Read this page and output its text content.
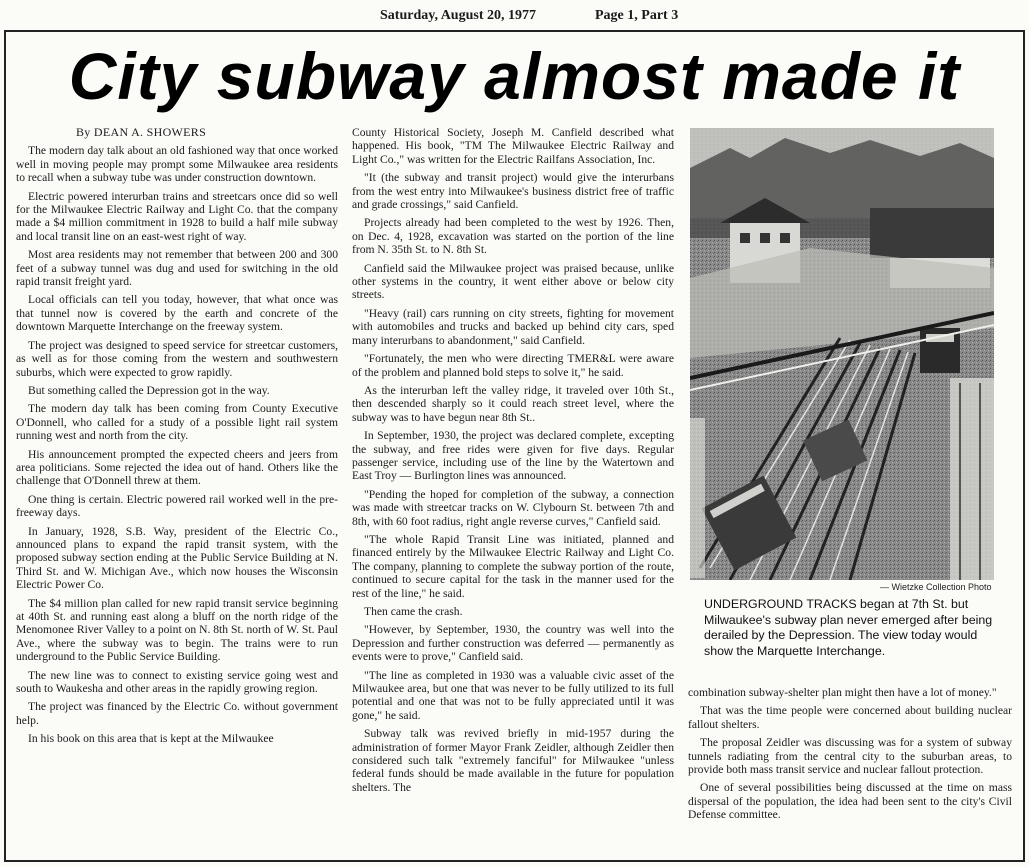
Saturday, August 20, 1977	Page 1, Part 3
City subway almost made it

By DEAN A. SHOWERS

The modern day talk about an old fashioned way that once worked well in moving people may prompt some Milwaukee area residents to recall when a subway tube was under construction downtown.

Electric powered interurban trains and streetcars once did so well for the Milwaukee Electric Railway and Light Co. that the company made a $4 million commitment in 1928 to build a half mile subway and local transit line on an east-west right of way.

Most area residents may not remember that between 200 and 300 feet of a subway tunnel was dug and used for switching in the old rapid transit freight yard.

Local officials can tell you today, however, that what once was that tunnel now is covered by the earth and concrete of the downtown Marquette Interchange on the freeway system.

The project was designed to speed service for streetcar customers, as well as for those coming from the western and southwestern suburbs, which were expected to grow rapidly.

But something called the Depression got in the way.

The modern day talk has been coming from County Executive O'Donnell, who called for a study of a possible light rail system running west and north from the city.

His announcement prompted the expected cheers and jeers from area politicians. Some rejected the idea out of hand. Others like the challenge that O'Donnell threw at them.

One thing is certain. Electric powered rail worked well in the pre-freeway days.

In January, 1928, S.B. Way, president of the Electric Co., announced plans to expand the rapid transit system, with the proposed subway section ending at the Public Service Building at N. Third St. and W. Michigan Ave., which now houses the Wisconsin Electric Power Co.

The $4 million plan called for new rapid transit service beginning at 40th St. and running east along a bluff on the north ridge of the Menomonee River Valley to a point on N. 8th St. north of W. St. Paul Ave., where the subway was to begin. The trains were to run underground to the Public Service Building.

The new line was to connect to existing service going west and south to Waukesha and other areas in the rapidly growing region.

The project was financed by the Electric Co. without government help.

In his book on this area that is kept at the Milwaukee

County Historical Society, Joseph M. Canfield described what happened. His book, "TM The Milwaukee Electric Railway and Light Co.," was written for the Electric Railfans Association, Inc.

"It (the subway and transit project) would give the interurbans from the west entry into Milwaukee's business district free of traffic and grade crossings," said Canfield.

Projects already had been completed to the west by 1926. Then, on Dec. 4, 1928, excavation was started on the portion of the line from N. 35th St. to N. 8th St.

Canfield said the Milwaukee project was praised because, unlike other systems in the country, it went either above or below city streets.

"Heavy (rail) cars running on city streets, fighting for movement with automobiles and trucks and backed up behind city cars, sped many interurbans to abandonment," said Canfield.

"Fortunately, the men who were directing TMER&L were aware of the problem and planned bold steps to solve it," he said.

As the interurban left the valley ridge, it traveled over 10th St., then descended sharply so it could reach street level, where the subway was to have begun near 8th St..

In September, 1930, the project was declared complete, excepting the subway, and free rides were given for five days. Regular passenger service, including use of the line by the Watertown and East Troy — Burlington lines was announced.

"Pending the hoped for completion of the subway, a connection was made with streetcar tracks on W. Clybourn St. between 7th and 8th, with 60 foot radius, right angle reverse curves," Canfield said.

"The whole Rapid Transit Line was initiated, planned and financed entirely by the Milwaukee Electric Railway and Light Co. The company, planning to complete the subway portion of the route, continued to secure capital for the task in the manner used for the rest of the line," he said.

Then came the crash.

"However, by September, 1930, the country was well into the Depression and further construction was deferred — permanently as events were to prove," Canfield said.

"The line as completed in 1930 was a valuable civic asset of the Milwaukee area, but one that was never to be fully utilized to its full potential and one that was not to be fully appreciated until it was gone," he said.

Subway talk was revived briefly in mid-1957 during the administration of former Mayor Frank Zeidler, although Zeidler then considered such talk "extremely fanciful" for Milwaukee "unless federal funds should be made available in the future for population shelters. The

— Wietzke Collection Photo
UNDERGROUND TRACKS began at 7th St. but Milwaukee's subway plan never emerged after being derailed by the Depression. The view today would show the Marquette Interchange.

combination subway-shelter plan might then have a lot of money."

That was the time people were concerned about building nuclear fallout shelters.

The proposal Zeidler was discussing was for a system of subway tunnels radiating from the central city to the suburban areas, to provide both mass transit service and nuclear fallout protection.

One of several possibilities being discussed at the time on mass dispersal of the population, the idea had been sent to the city's Civil Defense committee.
